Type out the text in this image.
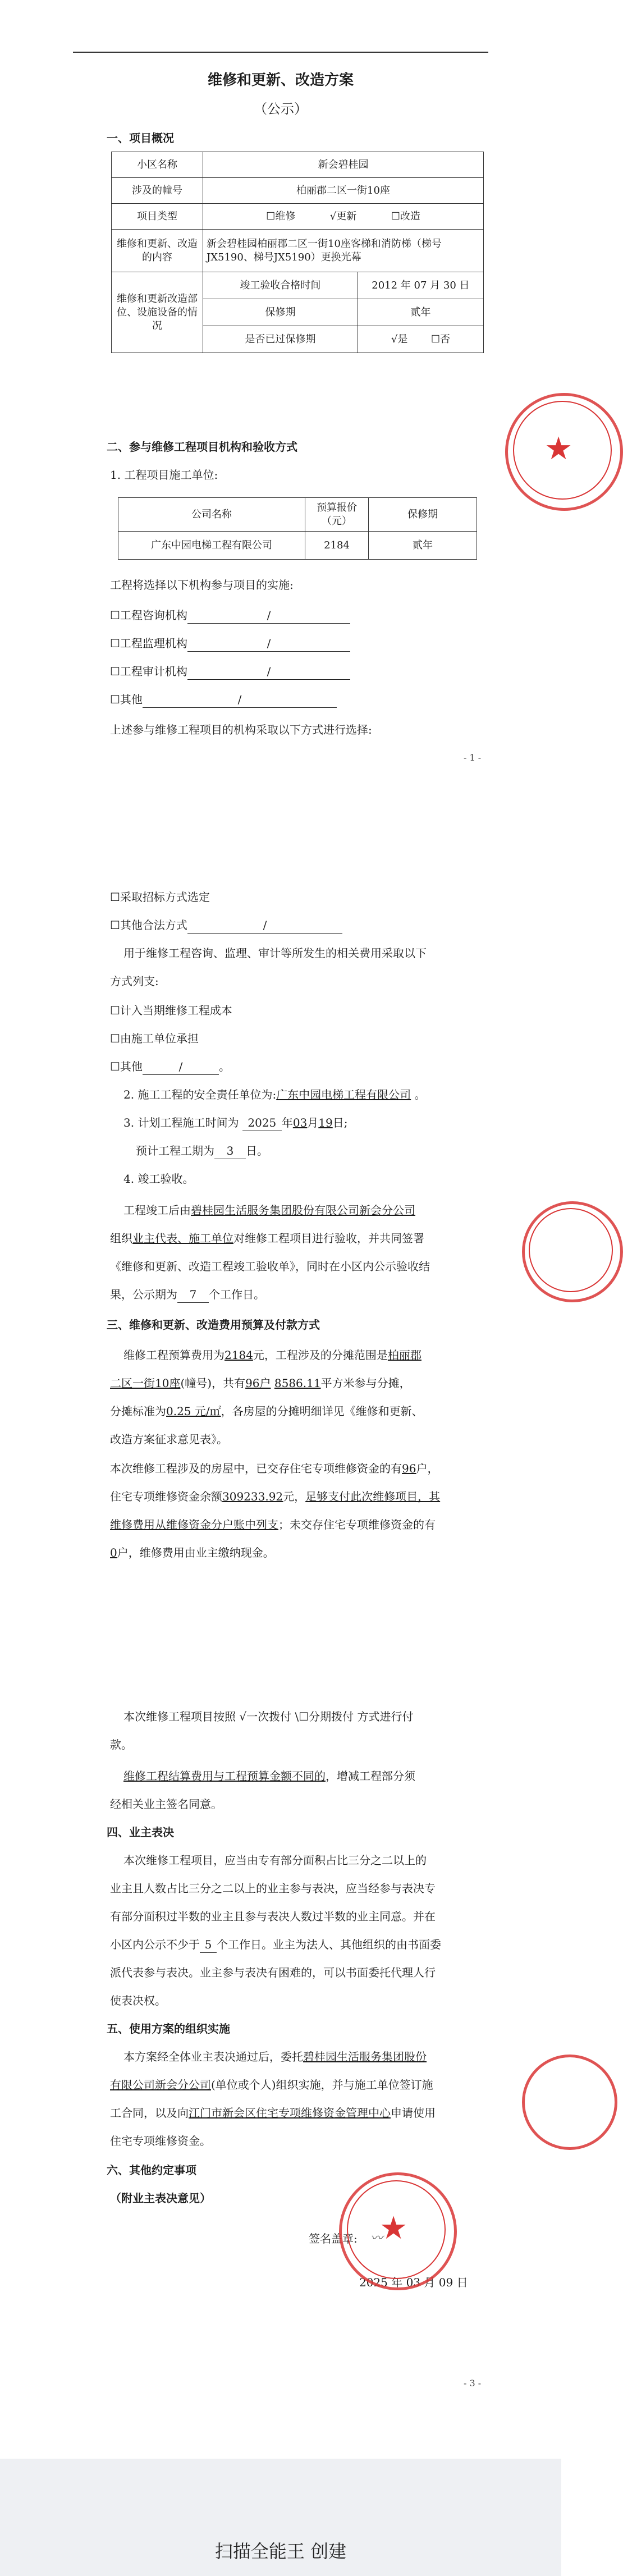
维修和更新、改造方案
（公示）
一、项目概况
小区名称	新会碧桂园	
涉及的幢号	柏丽郡二区一街10座	
项目类型	☐维修 √更新 ☐改造	
维修和更新、改造的内容	新会碧桂园柏丽郡二区一街10座客梯和消防梯（梯号JX5190、梯号JX5190）更换光幕	
维修和更新改造部位、设施设备的情况	竣工验收合格时间	2012 年 07 月 30 日
	保修期	贰年
	是否已过保修期	√是 ☐否
二、参与维修工程项目机构和验收方式
1. 工程项目施工单位:
公司名称	预算报价（元）	保修期
广东中园电梯工程有限公司	2184	贰年
工程将选择以下机构参与项目的实施:
☐工程咨询机构	/
☐工程监理机构	/
☐工程审计机构	/
☐其他	/
上述参与维修工程项目的机构采取以下方式进行选择:
- 1 -
★
☐采取招标方式选定
☐其他合法方式	/
用于维修工程咨询、监理、审计等所发生的相关费用采取以下
方式列支:
☐计入当期维修工程成本
☐由施工单位承担
☐其他	/	。
2. 施工工程的安全责任单位为:广东中园电梯工程有限公司 。
3. 计划工程施工时间为 2025 年03月19日;
预计工程工期为 3 日。
4. 竣工验收。
工程竣工后由碧桂园生活服务集团股份有限公司新会分公司
组织业主代表、施工单位对维修工程项目进行验收，并共同签署
《维修和更新、改造工程竣工验收单》，同时在小区内公示验收结
果，公示期为 7 个工作日。
三、维修和更新、改造费用预算及付款方式
维修工程预算费用为2184元，工程涉及的分摊范围是柏丽郡
二区一街10座(幢号)，共有96户 8586.11平方米参与分摊，
分摊标准为0.25 元/㎡，各房屋的分摊明细详见《维修和更新、
改造方案征求意见表》。
本次维修工程涉及的房屋中，已交存住宅专项维修资金的有96户，
住宅专项维修资金余额309233.92元，足够支付此次维修项目，其
维修费用从维修资金分户账中列支；未交存住宅专项维修资金的有
0户，维修费用由业主缴纳现金。
本次维修工程项目按照 √一次拨付 \☐分期拨付 方式进行付
款。
维修工程结算费用与工程预算金额不同的，增减工程部分须
经相关业主签名同意。
四、业主表决
本次维修工程项目，应当由专有部分面积占比三分之二以上的
业主且人数占比三分之二以上的业主参与表决，应当经参与表决专
有部分面积过半数的业主且参与表决人数过半数的业主同意。并在
小区内公示不少于 5 个工作日。业主为法人、其他组织的由书面委
派代表参与表决。业主参与表决有困难的，可以书面委托代理人行
使表决权。
五、使用方案的组织实施
本方案经全体业主表决通过后，委托碧桂园生活服务集团股份
有限公司新会分公司(单位或个人)组织实施，并与施工单位签订施
工合同，以及向江门市新会区住宅专项维修资金管理中心申请使用
住宅专项维修资金。
六、其他约定事项
（附业主表决意见）
签名盖章: 〰
2025 年 03 月 09 日
★
- 3 -
扫描全能王 创建
